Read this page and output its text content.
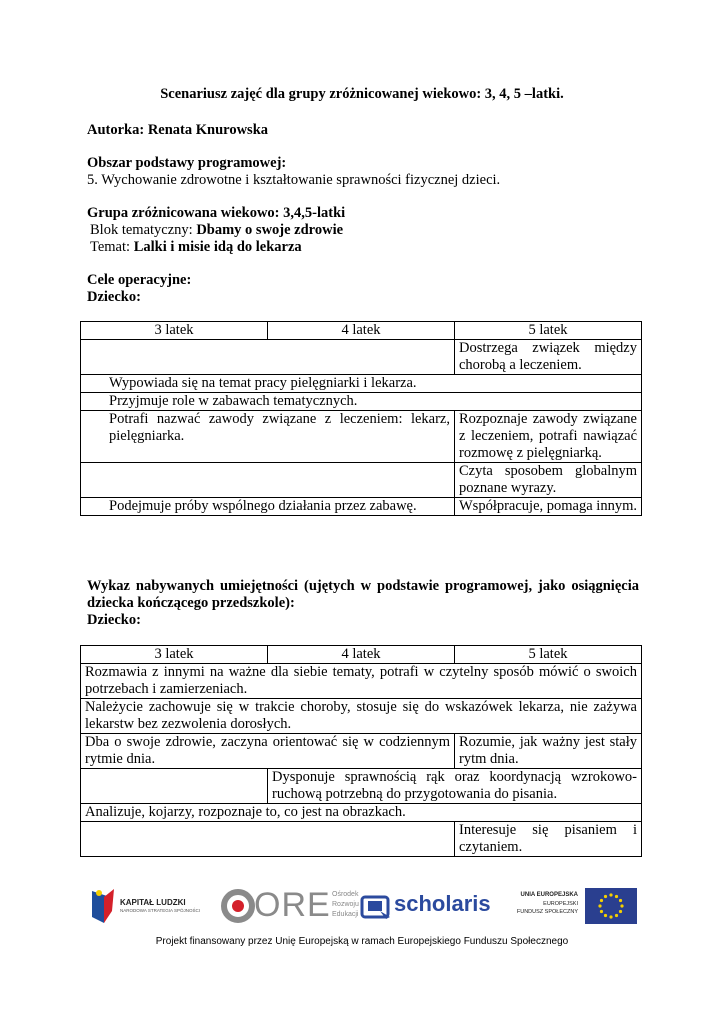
Scenariusz zajęć dla grupy zróżnicowanej wiekowo: 3, 4, 5 –latki.
Autorka: Renata Knurowska
Obszar podstawy programowej:
5. Wychowanie zdrowotne i kształtowanie sprawności fizycznej dzieci.
Grupa zróżnicowana wiekowo: 3,4,5-latki
Blok tematyczny: Dbamy o swoje zdrowie
Temat: Lalki i misie idą do lekarza
Cele operacyjne:
Dziecko:
3 latek	4 latek	5 latek
		Dostrzega związek między chorobą a leczeniem.
Wypowiada się na temat pracy pielęgniarki i lekarza.		
Przyjmuje role w zabawach tematycznych.		
Potrafi nazwać zawody związane z leczeniem: lekarz, pielęgniarka.		Rozpoznaje zawody związane z leczeniem, potrafi nawiązać rozmowę z pielęgniarką.
		Czyta sposobem globalnym poznane wyrazy.
Podejmuje próby wspólnego działania przez zabawę.		Współpracuje, pomaga innym.
Wykaz nabywanych umiejętności (ujętych w podstawie programowej, jako osiągnięcia dziecka kończącego przedszkole):
Dziecko:
3 latek	4 latek	5 latek
Rozmawia z innymi na ważne dla siebie tematy, potrafi w czytelny sposób mówić o swoich potrzebach i zamierzeniach.		
Należycie zachowuje się w trakcie choroby, stosuje się do wskazówek lekarza, nie zażywa lekarstw bez zezwolenia dorosłych.		
Dba o swoje zdrowie, zaczyna orientować się w codziennym rytmie dnia.		Rozumie, jak ważny jest stały rytm dnia.
	Dysponuje sprawnością rąk oraz koordynacją wzrokowo-ruchową potrzebną do przygotowania do pisania.	
Analizuje, kojarzy, rozpoznaje to, co jest na obrazkach.		
		Interesuje się pisaniem i czytaniem.
KAPITAŁ LUDZKI
NARODOWA STRATEGIA SPÓJNOŚCI ORE Ośrodek
Rozwoju
Edukacji	scholaris	UNIA EUROPEJSKA
EUROPEJSKI
FUNDUSZ SPOŁECZNY
Projekt finansowany przez Unię Europejską w ramach Europejskiego Funduszu Społecznego
